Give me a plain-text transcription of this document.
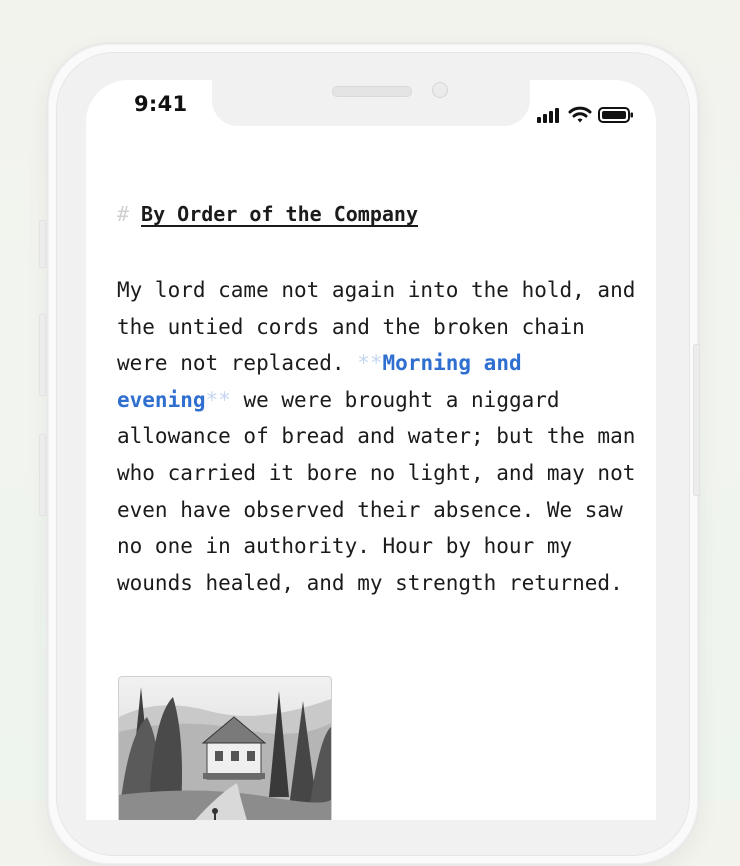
9:41
# By Order of the Company
My lord came not again into the hold, and the untied cords and the broken chain were not replaced. **Morning and evening** we were brought a niggard allowance of bread and water; but the man who carried it bore no light, and may not even have observed their absence. We saw no one in authority. Hour by hour my wounds healed, and my strength returned.
